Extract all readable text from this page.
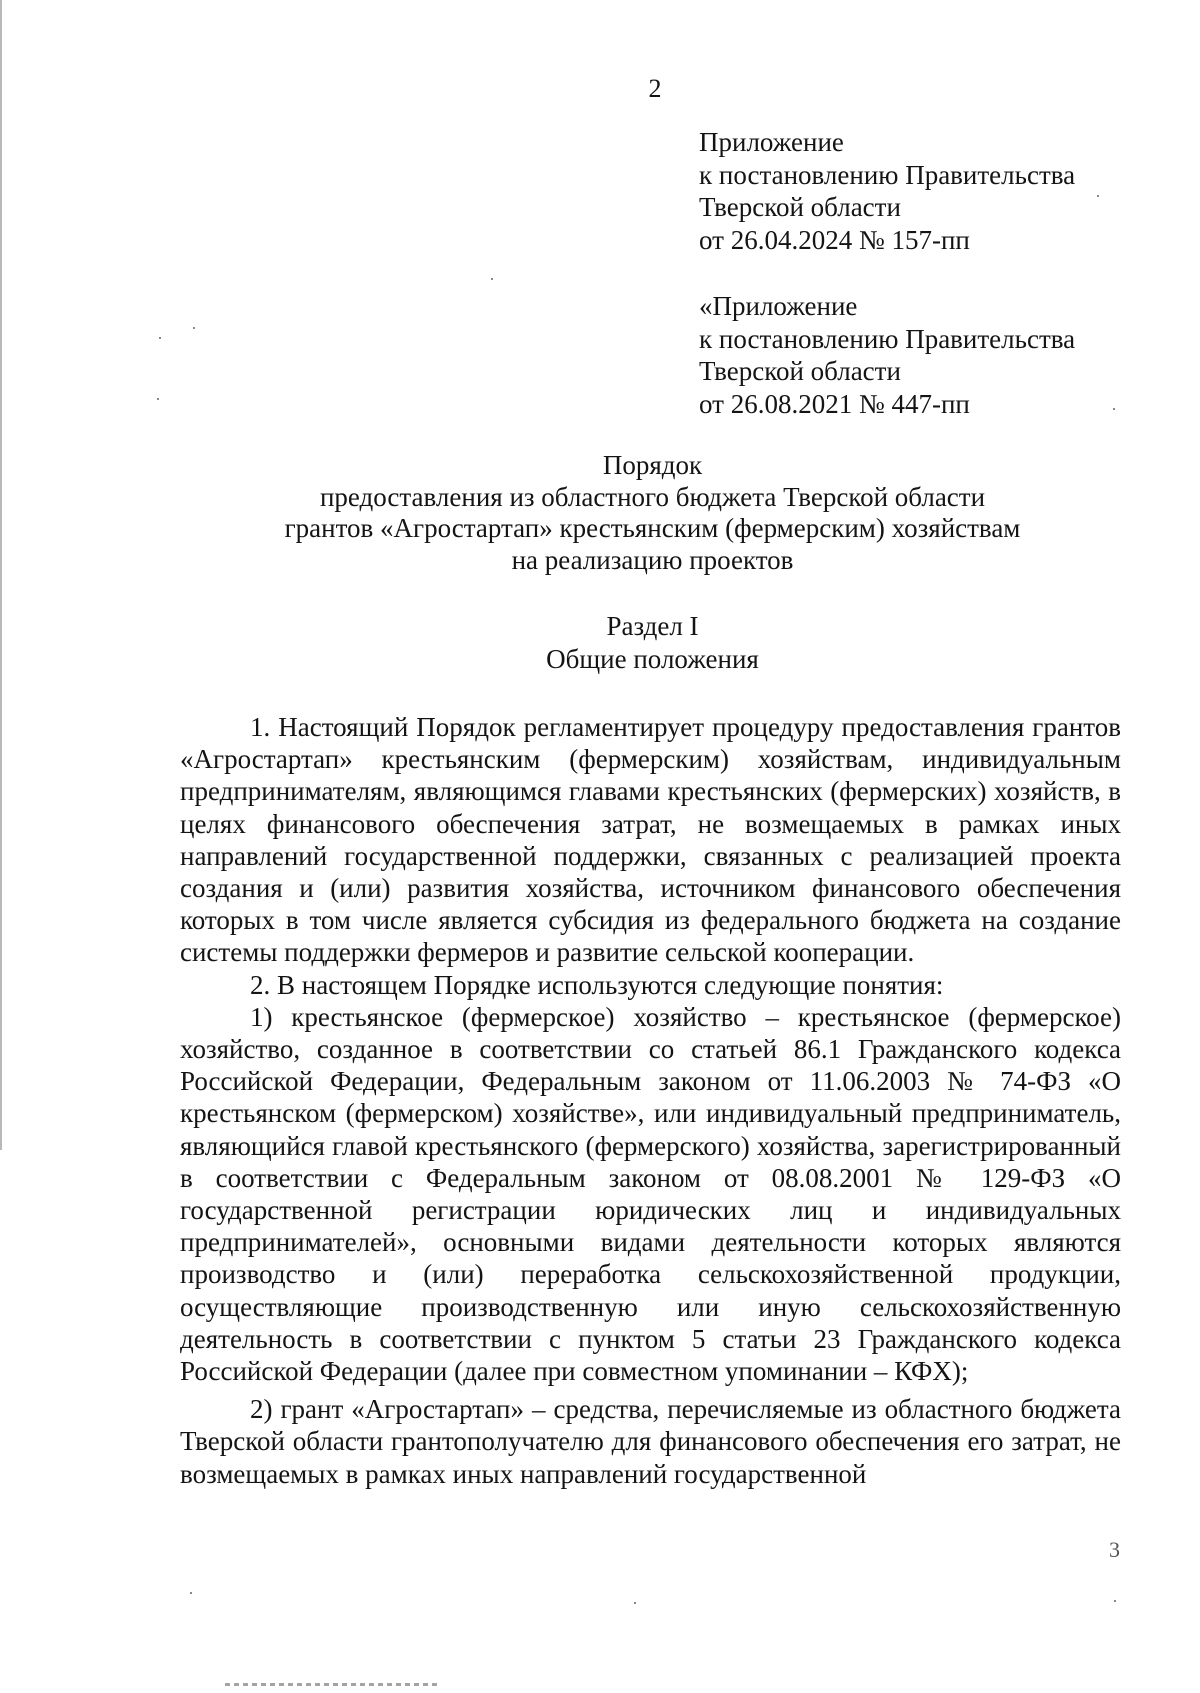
2
Приложение
к постановлению Правительства
Тверской области
от 26.04.2024 № 157-пп
«Приложение
к постановлению Правительства
Тверской области
от 26.08.2021 № 447-пп
Порядок
предоставления из областного бюджета Тверской области
грантов «Агростартап» крестьянским (фермерским) хозяйствам
на реализацию проектов
Раздел I
Общие положения

1. Настоящий Порядок регламентирует процедуру предоставления грантов «Агростартап» крестьянским (фермерским) хозяйствам, индивидуальным предпринимателям, являющимся главами крестьянских (фермерских) хозяйств, в целях финансового обеспечения затрат, не возмещаемых в рамках иных направлений государственной поддержки, связанных с реализацией проекта создания и (или) развития хозяйства, источником финансового обеспечения которых в том числе является субсидия из федерального бюджета на создание системы поддержки фермеров и развитие сельской кооперации.

2. В настоящем Порядке используются следующие понятия:

1) крестьянское (фермерское) хозяйство – крестьянское (фермерское) хозяйство, созданное в соответствии со статьей 86.1 Гражданского кодекса Российской Федерации, Федеральным законом от 11.06.2003 № 74-ФЗ «О крестьянском (фермерском) хозяйстве», или индивидуальный предприниматель, являющийся главой крестьянского (фермерского) хозяйства, зарегистрированный в соответствии с Федеральным законом от 08.08.2001 № 129-ФЗ «О государственной регистрации юридических лиц и индивидуальных предпринимателей», основными видами деятельности которых являются производство и (или) переработка сельскохозяйственной продукции, осуществляющие производственную или иную сельскохозяйственную деятельность в соответствии с пунктом 5 статьи 23 Гражданского кодекса Российской Федерации (далее при совместном упоминании – КФХ);

2) грант «Агростартап» – средства, перечисляемые из областного бюджета Тверской области грантополучателю для финансового обеспечения его затрат, не возмещаемых в рамках иных направлений государственной

3
